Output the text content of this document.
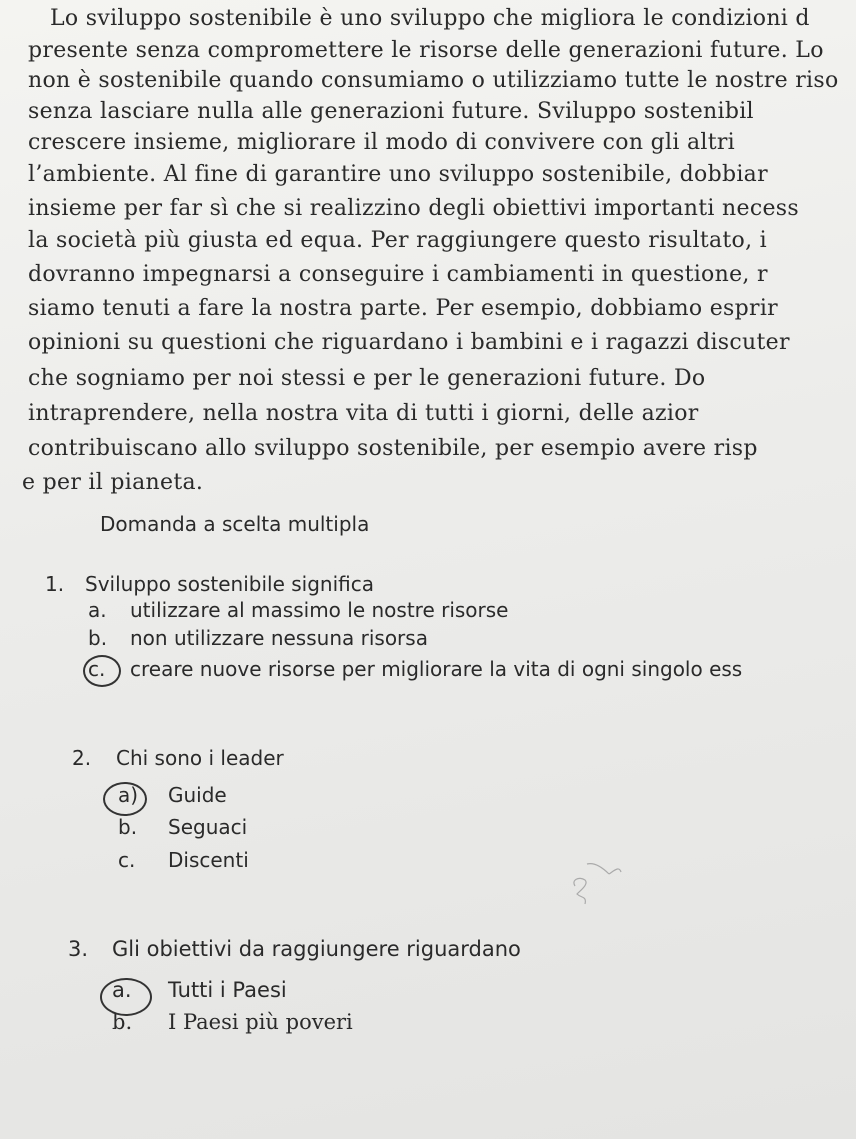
Lo sviluppo sostenibile è uno sviluppo che migliora le condizioni d
presente senza compromettere le risorse delle generazioni future. Lo
non è sostenibile quando consumiamo o utilizziamo tutte le nostre riso
senza lasciare nulla alle generazioni future. Sviluppo sostenibil
crescere insieme, migliorare il modo di convivere con gli altri
l’ambiente. Al fine di garantire uno sviluppo sostenibile, dobbiar
insieme per far sì che si realizzino degli obiettivi importanti necess
la società più giusta ed equa. Per raggiungere questo risultato, i
dovranno impegnarsi a conseguire i cambiamenti in questione, r
siamo tenuti a fare la nostra parte. Per esempio, dobbiamo esprir
opinioni su questioni che riguardano i bambini e i ragazzi discuter
che sogniamo per noi stessi e per le generazioni future. Do
intraprendere, nella nostra vita di tutti i giorni, delle azior
contribuiscano allo sviluppo sostenibile, per esempio avere risp
e per il pianeta.
Domanda a scelta multipla
1. Sviluppo sostenibile significa
a. utilizzare al massimo le nostre risorse
b. non utilizzare nessuna risorsa
c. creare nuove risorse per migliorare la vita di ogni singolo ess
2. Chi sono i leader
a) Guide
b. Seguaci
c. Discenti
3. Gli obiettivi da raggiungere riguardano
a. Tutti i Paesi
b. I Paesi più poveri
